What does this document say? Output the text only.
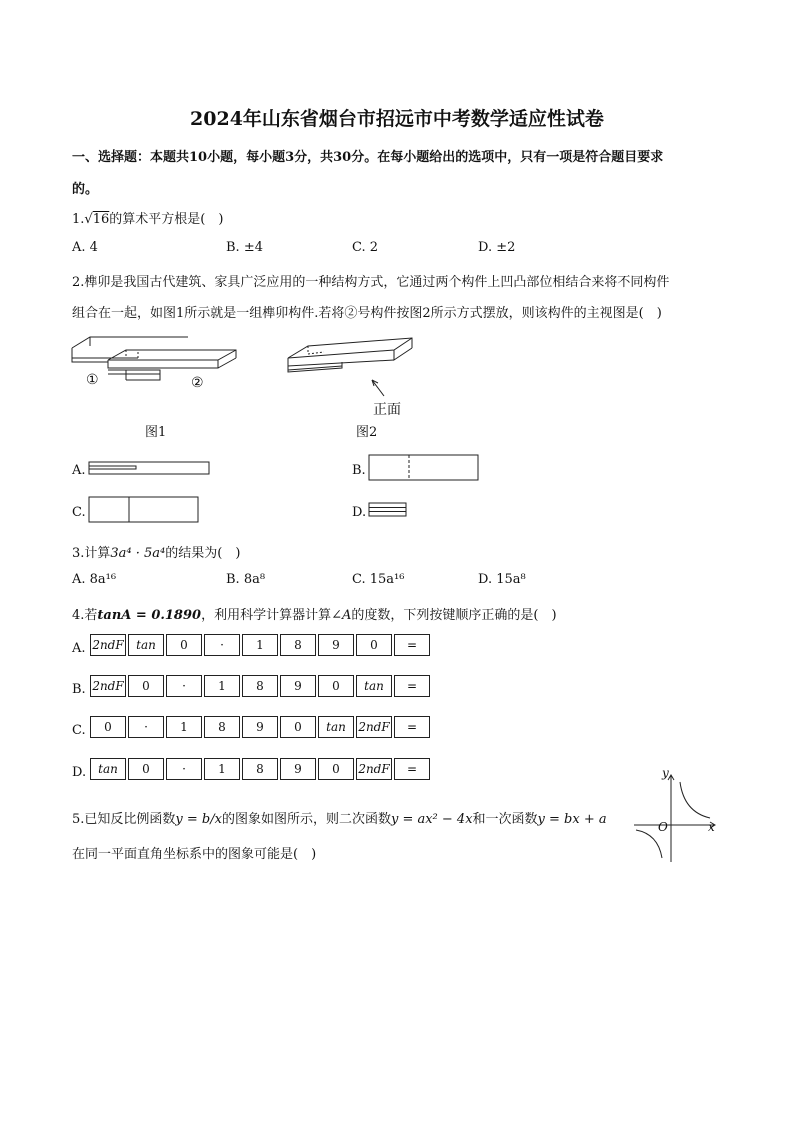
2024年山东省烟台市招远市中考数学适应性试卷
一、选择题：本题共10小题，每小题3分，共30分。在每小题给出的选项中，只有一项是符合题目要求
的。
1.√16的算术平方根是(　)
A. 4	B. ±4	C. 2	D. ±2
2.榫卯是我国古代建筑、家具广泛应用的一种结构方式，它通过两个构件上凹凸部位相结合来将不同构件
组合在一起，如图1所示就是一组榫卯构件.若将②号构件按图2所示方式摆放，则该构件的主视图是(　)
①	②
图1
正面
图2
A.	B.
C.	D.
3.计算3a⁴ · 5a⁴的结果为(　)
A. 8a¹⁶	B. 8a⁸	C. 15a¹⁶	D. 15a⁸
4.若tanA = 0.1890，利用科学计算器计算∠A的度数，下列按键顺序正确的是(　)
A. 2ndF	tan	0	·	1	8	9	0	=
B. 2ndF	0	·	1	8	9	0	tan	=
C.	0	·	1	8	9	0	tan	2ndF	=
D.	tan	0	·	1	8	9	0	2ndF	=
5.已知反比例函数y = b/x的图象如图所示，则二次函数y = ax² − 4x和一次函数y = bx + a
在同一平面直角坐标系中的图象可能是(　)
y
x
O
